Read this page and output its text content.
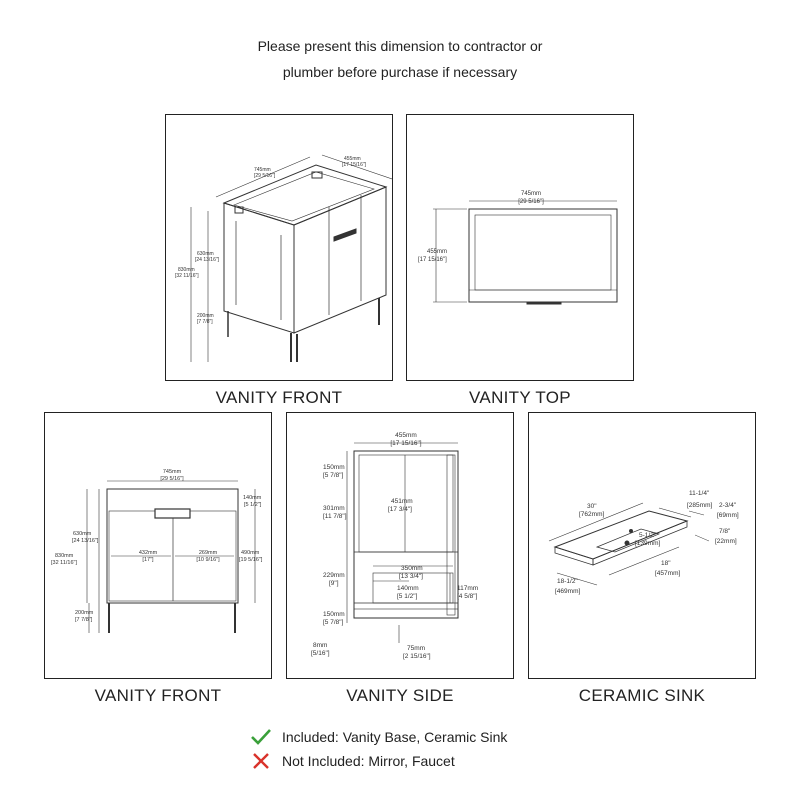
Please present this dimension to contractor or
plumber before purchase if necessary
745mm
[29 5/16"]
455mm
[17 15/16"]
630mm
[24 13/16"]
830mm
[32 11/16"]
200mm
[7 7/8"]
VANITY FRONT
745mm
[29 5/16"]
455mm
[17 15/16"]
VANITY TOP
745mm
[29 5/16"]
140mm
[5 1/2"]
630mm
[24 13/16"]
830mm
[32 11/16"]
490mm
[19 5/16"]
432mm
[17"]
269mm
[10 9/16"]
200mm
[7 7/8"]
VANITY FRONT
455mm
[17 15/16"]
150mm
[5 7/8"]
301mm
[11 7/8"]
451mm
[17 3/4"]
229mm
[9"]
350mm
[13 3/4"]
140mm
[5 1/2"]
117mm
[4 5/8"]
150mm
[5 7/8"]
8mm
[5/16"]
75mm
[2 15/16"]
VANITY SIDE
30"
[762mm]
11-1/4"
[285mm] 2-3/4"
[69mm]
5-1/2"
[139mm]
7/8"
[22mm]
18"
[457mm]
18-1/2"
[469mm]
CERAMIC SINK
Included: Vanity Base, Ceramic Sink
Not Included: Mirror, Faucet
